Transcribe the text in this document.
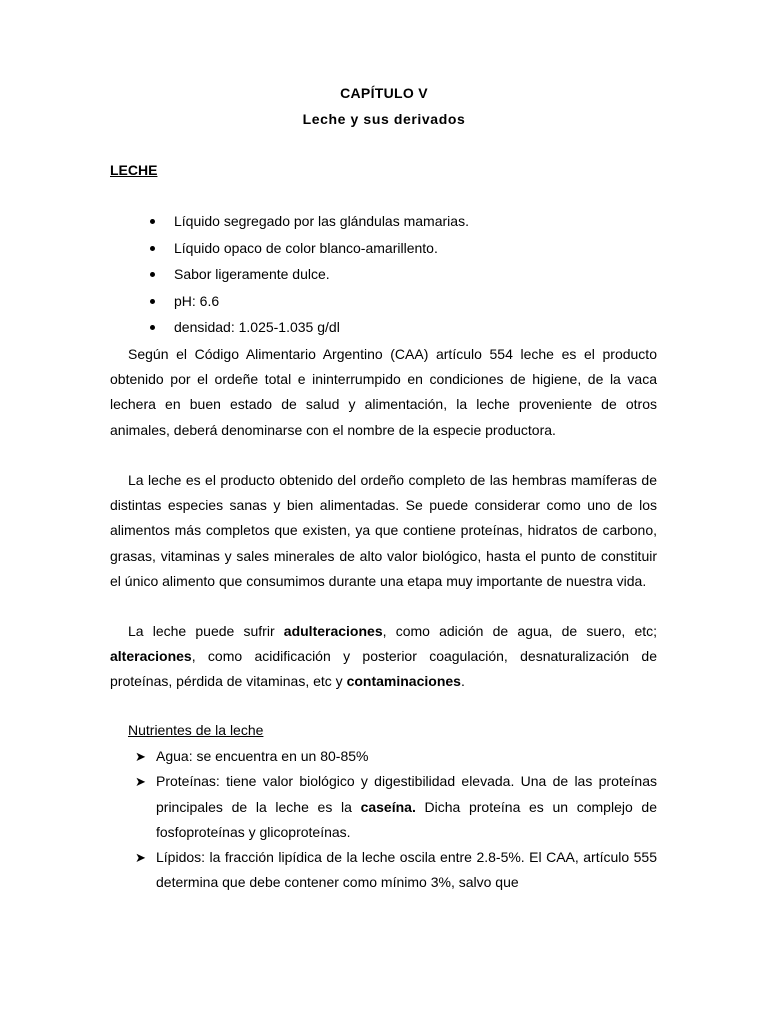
CAPÍTULO V
Leche y sus derivados
LECHE
Líquido segregado por las glándulas mamarias.
Líquido opaco de color blanco-amarillento.
Sabor ligeramente dulce.
pH: 6.6
densidad: 1.025-1.035 g/dl

Según el Código Alimentario Argentino (CAA) artículo 554 leche es el producto obtenido por el ordeñe total e ininterrumpido en condiciones de higiene, de la vaca lechera en buen estado de salud y alimentación, la leche proveniente de otros animales, deberá denominarse con el nombre de la especie productora.

La leche es el producto obtenido del ordeño completo de las hembras mamíferas de distintas especies sanas y bien alimentadas. Se puede considerar como uno de los alimentos más completos que existen, ya que contiene proteínas, hidratos de carbono, grasas, vitaminas y sales minerales de alto valor biológico, hasta el punto de constituir el único alimento que consumimos durante una etapa muy importante de nuestra vida.

La leche puede sufrir adulteraciones, como adición de agua, de suero, etc; alteraciones, como acidificación y posterior coagulación, desnaturalización de proteínas, pérdida de vitaminas, etc y contaminaciones.

Nutrientes de la leche
➤ Agua: se encuentra en un 80-85%
➤ Proteínas: tiene valor biológico y digestibilidad elevada. Una de las proteínas principales de la leche es la caseína. Dicha proteína es un complejo de fosfoproteínas y glicoproteínas.
➤ Lípidos: la fracción lipídica de la leche oscila entre 2.8-5%. El CAA, artículo 555 determina que debe contener como mínimo 3%, salvo que
